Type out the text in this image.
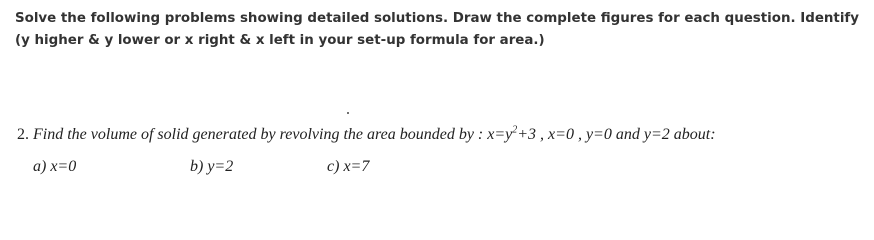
Solve the following problems showing detailed solutions. Draw the complete figures for each question. Identify (y higher & y lower or x right & x left in your set-up formula for area.)

2. Find the volume of solid generated by revolving the area bounded by : $x=y^2+3$ , x=0 , y=0 and y=2 about:

a) x=0	b) y=2	c) x=7
